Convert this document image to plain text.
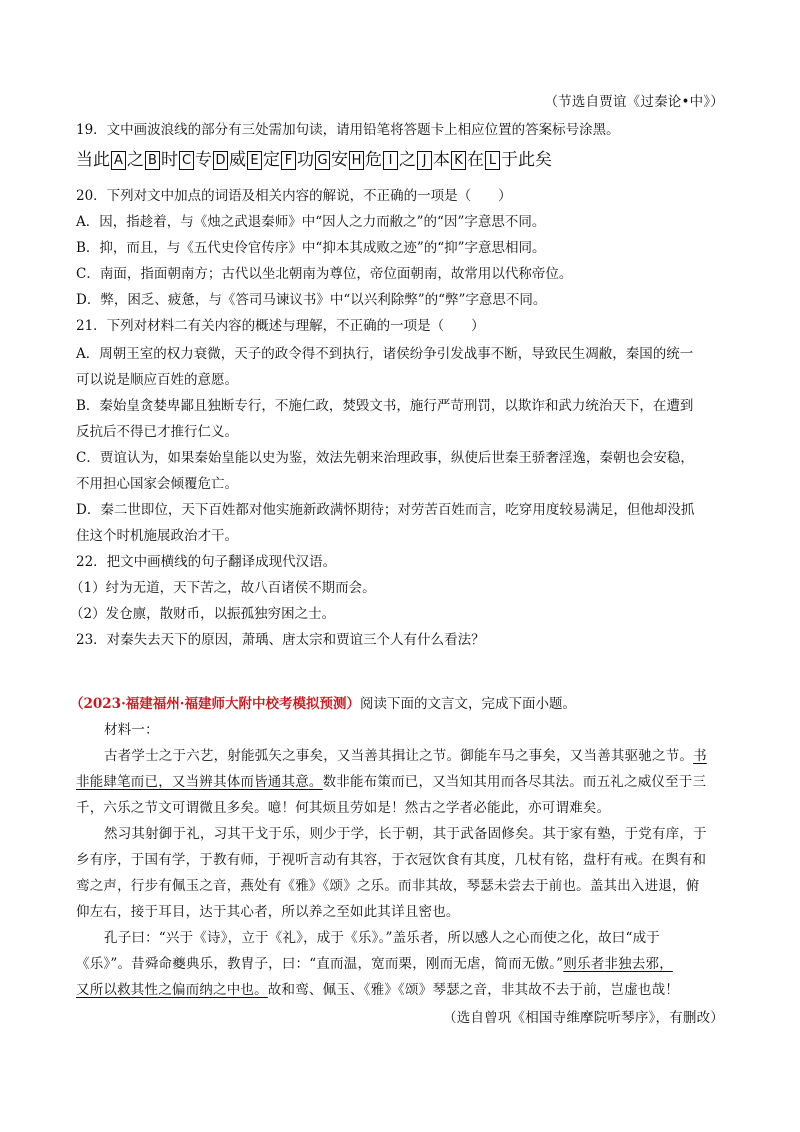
（节选自贾谊《过秦论•中》）
19．文中画波浪线的部分有三处需加句读，请用铅笔将答题卡上相应位置的答案标号涂黑。
当此 A 之 B 时 C 专 D 威 E 定 F 功 G 安 H 危 I 之 J 本 K 在 L 于此矣
20．下列对文中加点的词语及相关内容的解说，不正确的一项是（　　）
A．因，指趁着，与《烛之武退秦师》中“因人之力而敝之”的“因”字意思不同。
B．抑，而且，与《五代史伶官传序》中“抑本其成败之迹”的“抑”字意思相同。
C．南面，指面朝南方；古代以坐北朝南为尊位，帝位面朝南，故常用以代称帝位。
D．弊，困乏、疲惫，与《答司马谏议书》中“以兴利除弊”的“弊”字意思不同。
21．下列对材料二有关内容的概述与理解，不正确的一项是（　　）
A．周朝王室的权力衰微，天子的政令得不到执行，诸侯纷争引发战事不断，导致民生凋敝，秦国的统一
可以说是顺应百姓的意愿。
B．秦始皇贪婪卑鄙且独断专行，不施仁政，焚毁文书，施行严苛刑罚，以欺诈和武力统治天下，在遭到
反抗后不得已才推行仁义。
C．贾谊认为，如果秦始皇能以史为鉴，效法先朝来治理政事，纵使后世秦王骄奢淫逸，秦朝也会安稳，
不用担心国家会倾覆危亡。
D．秦二世即位，天下百姓都对他实施新政满怀期待；对劳苦百姓而言，吃穿用度较易满足，但他却没抓
住这个时机施展政治才干。
22．把文中画横线的句子翻译成现代汉语。
（1）纣为无道，天下苦之，故八百诸侯不期而会。
（2）发仓廪，散财币，以振孤独穷困之士。
23．对秦失去天下的原因，萧瑀、唐太宗和贾谊三个人有什么看法？
（2023·福建福州·福建师大附中校考模拟预测）阅读下面的文言文，完成下面小题。
材料一：
古者学士之于六艺，射能弧矢之事矣，又当善其揖让之节。御能车马之事矣，又当善其驱驰之节。书
非能肆笔而已，又当辨其体而皆通其意。数非能布策而已，又当知其用而各尽其法。而五礼之威仪至于三
千，六乐之节文可谓微且多矣。噫！何其烦且劳如是！然古之学者必能此，亦可谓难矣。
然习其射御于礼，习其干戈于乐，则少于学，长于朝，其于武备固修矣。其于家有塾，于党有庠，于
乡有序，于国有学，于教有师，于视听言动有其容，于衣冠饮食有其度，几杖有铭，盘杅有戒。在舆有和
鸾之声，行步有佩玉之音，燕处有《雅》《颂》之乐。而非其故，琴瑟未尝去于前也。盖其出入进退，俯
仰左右，接于耳目，达于其心者，所以养之至如此其详且密也。
孔子曰：“兴于《诗》，立于《礼》，成于《乐》。”盖乐者，所以感人之心而使之化，故曰“成于
《乐》”。昔舜命夔典乐，教胄子，曰：“直而温，宽而栗，刚而无虐，简而无傲。”则乐者非独去邪，
又所以救其性之偏而纳之中也。故和鸾、佩玉、《雅》《颂》琴瑟之音，非其故不去于前，岂虚也哉！
（选自曾巩《相国寺维摩院听琴序》，有删改）
